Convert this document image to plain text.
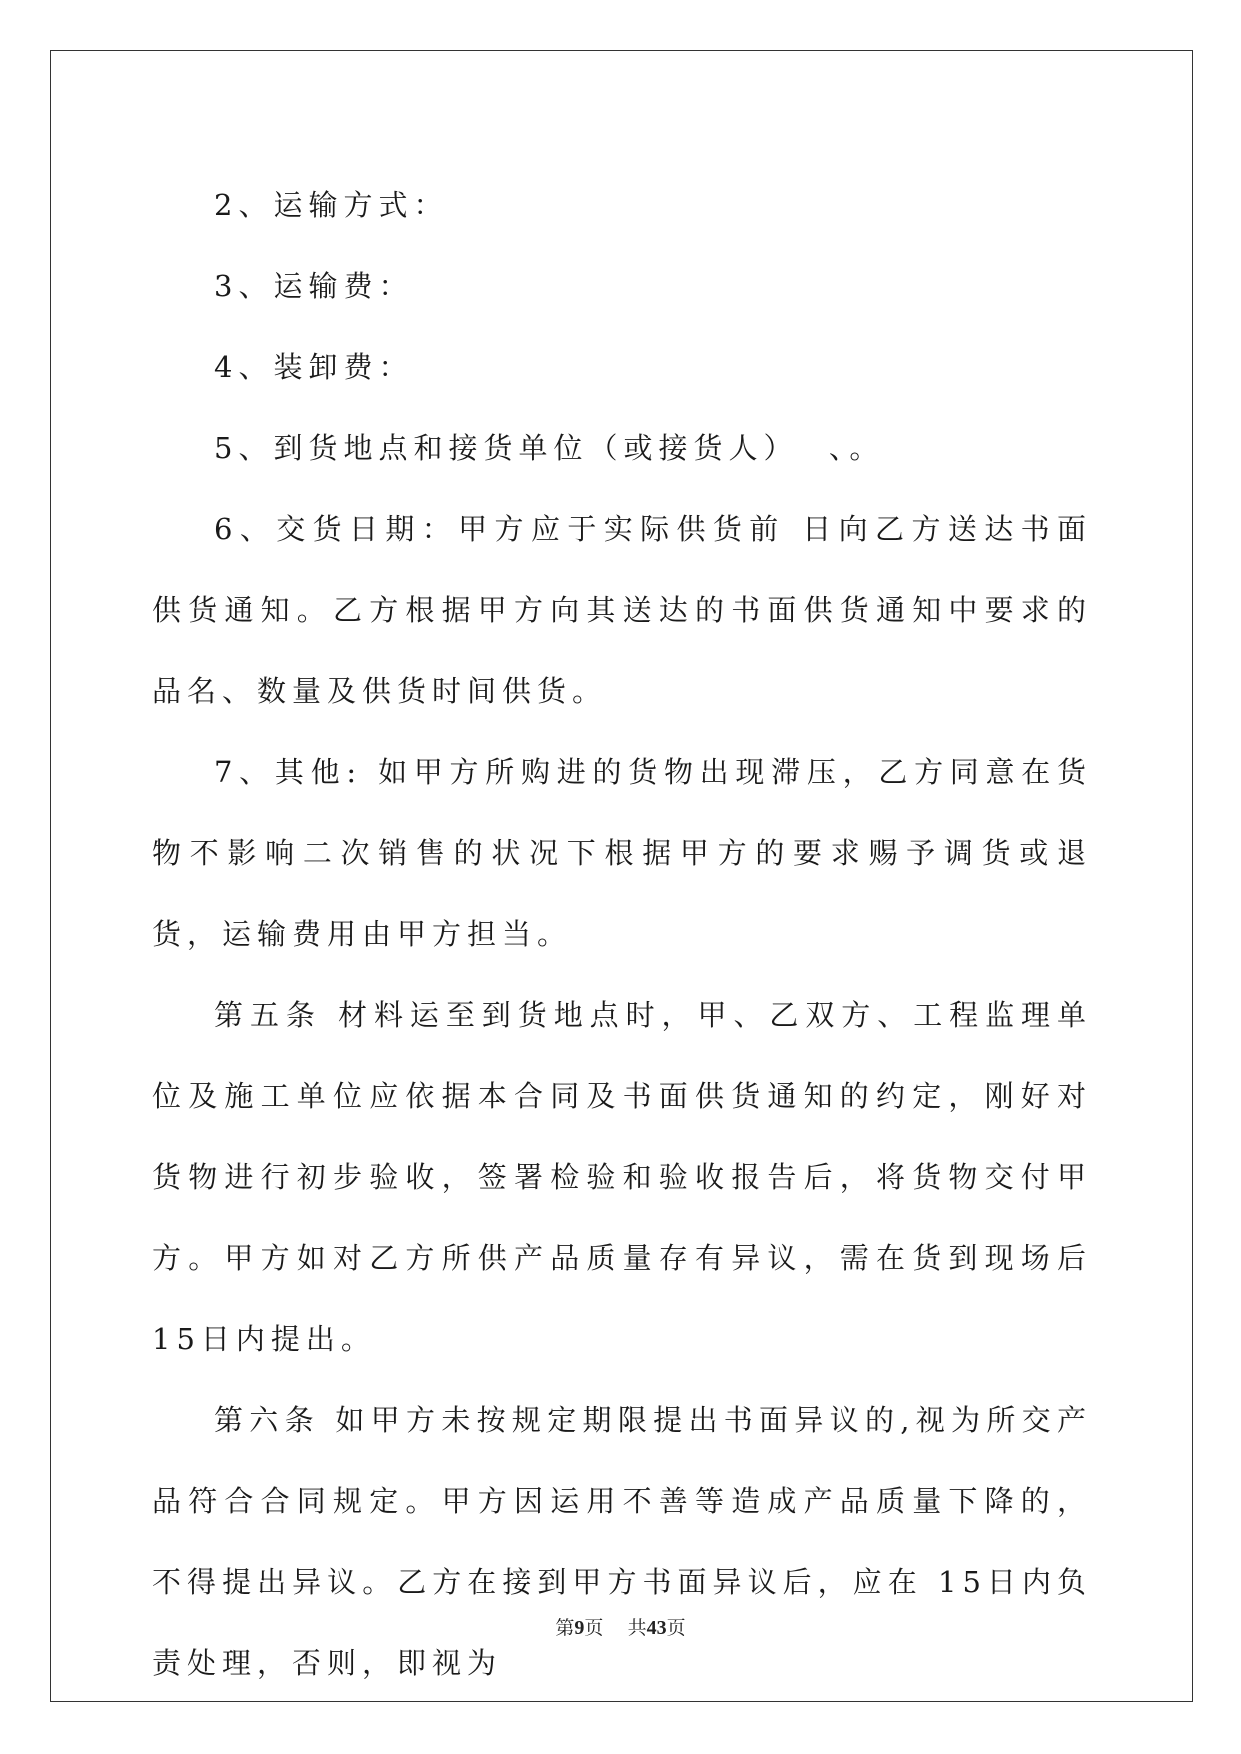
2、运输方式：

3、运输费：

4、装卸费：

5、到货地点和接货单位（或接货人）  、。

6、交货日期：甲方应于实际供货前 日向乙方送达书面供货通知。乙方根据甲方向其送达的书面供货通知中要求的品名、数量及供货时间供货。

7、其他: 如甲方所购进的货物出现滞压，乙方同意在货物不影响二次销售的状况下根据甲方的要求赐予调货或退货，运输费用由甲方担当。

第五条 材料运至到货地点时，甲、乙双方、工程监理单位及施工单位应依据本合同及书面供货通知的约定，刚好对货物进行初步验收，签署检验和验收报告后，将货物交付甲方。甲方如对乙方所供产品质量存有异议，需在货到现场后15日内提出。

第六条 如甲方未按规定期限提出书面异议的,视为所交产品符合合同规定。甲方因运用不善等造成产品质量下降的，不得提出异议。乙方在接到甲方书面异议后，应在 15日内负责处理，否则，即视为

第9页 共43页
